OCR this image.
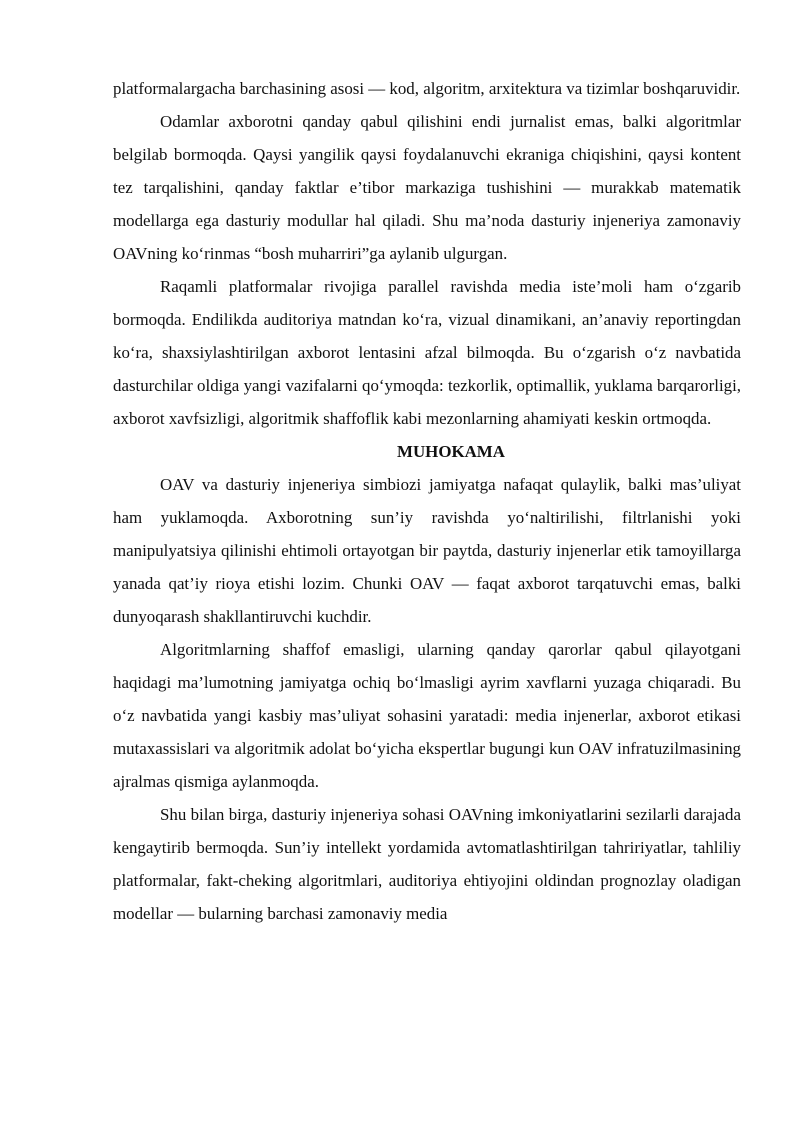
platformalargacha barchasining asosi — kod, algoritm, arxitektura va tizimlar boshqaruvidir.

Odamlar axborotni qanday qabul qilishini endi jurnalist emas, balki algoritmlar belgilab bormoqda. Qaysi yangilik qaysi foydalanuvchi ekraniga chiqishini, qaysi kontent tez tarqalishini, qanday faktlar e’tibor markaziga tushishini — murakkab matematik modellarga ega dasturiy modullar hal qiladi. Shu ma’noda dasturiy injeneriya zamonaviy OAVning ko‘rinmas “bosh muharriri”ga aylanib ulgurgan.

Raqamli platformalar rivojiga parallel ravishda media iste’moli ham o‘zgarib bormoqda. Endilikda auditoriya matndan ko‘ra, vizual dinamikani, an’anaviy reportingdan ko‘ra, shaxsiylashtirilgan axborot lentasini afzal bilmoqda. Bu o‘zgarish o‘z navbatida dasturchilar oldiga yangi vazifalarni qo‘ymoqda: tezkorlik, optimallik, yuklama barqarorligi, axborot xavfsizligi, algoritmik shaffoflik kabi mezonlarning ahamiyati keskin ortmoqda.

MUHOKAMA

OAV va dasturiy injeneriya simbiozi jamiyatga nafaqat qulaylik, balki mas’uliyat ham yuklamoqda. Axborotning sun’iy ravishda yo‘naltirilishi, filtrlanishi yoki manipulyatsiya qilinishi ehtimoli ortayotgan bir paytda, dasturiy injenerlar etik tamoyillarga yanada qat’iy rioya etishi lozim. Chunki OAV — faqat axborot tarqatuvchi emas, balki dunyoqarash shakllantiruvchi kuchdir.

Algoritmlarning shaffof emasligi, ularning qanday qarorlar qabul qilayotgani haqidagi ma’lumotning jamiyatga ochiq bo‘lmasligi ayrim xavflarni yuzaga chiqaradi. Bu o‘z navbatida yangi kasbiy mas’uliyat sohasini yaratadi: media injenerlar, axborot etikasi mutaxassislari va algoritmik adolat bo‘yicha ekspertlar bugungi kun OAV infratuzilmasining ajralmas qismiga aylanmoqda.

Shu bilan birga, dasturiy injeneriya sohasi OAVning imkoniyatlarini sezilarli darajada kengaytirib bermoqda. Sun’iy intellekt yordamida avtomatlashtirilgan tahririyatlar, tahliliy platformalar, fakt-cheking algoritmlari, auditoriya ehtiyojini oldindan prognozlay oladigan modellar — bularning barchasi zamonaviy media
